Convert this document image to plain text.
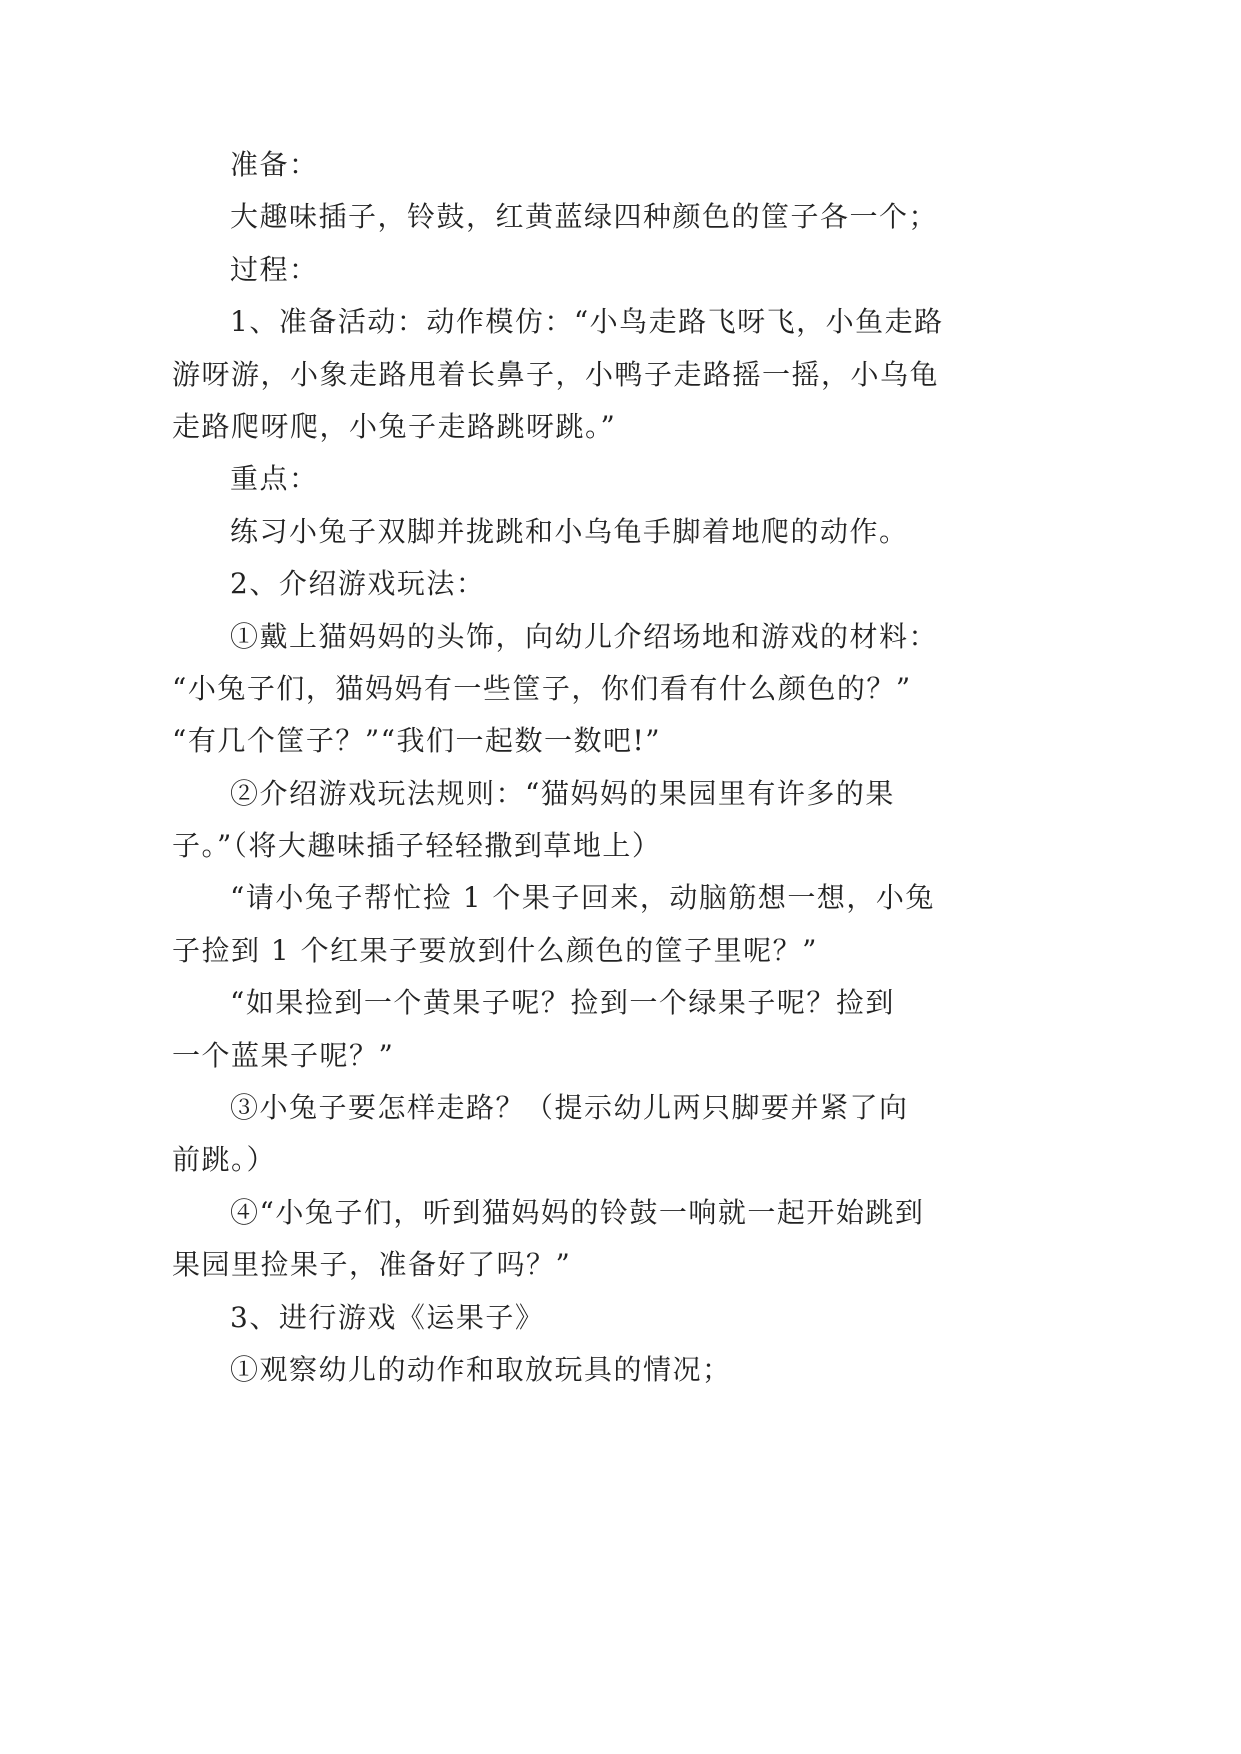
准备：
大趣味插子，铃鼓，红黄蓝绿四种颜色的筐子各一个；
过程：
1、准备活动：动作模仿：“小鸟走路飞呀飞，小鱼走路
游呀游，小象走路甩着长鼻子，小鸭子走路摇一摇，小乌龟
走路爬呀爬，小兔子走路跳呀跳。”
重点：
练习小兔子双脚并拢跳和小乌龟手脚着地爬的动作。
2、介绍游戏玩法：
①戴上猫妈妈的头饰，向幼儿介绍场地和游戏的材料：
“小兔子们，猫妈妈有一些筐子，你们看有什么颜色的？”
“有几个筐子？”“我们一起数一数吧!”
②介绍游戏玩法规则：“猫妈妈的果园里有许多的果
子。”（将大趣味插子轻轻撒到草地上）
“请小兔子帮忙捡 1 个果子回来，动脑筋想一想，小兔
子捡到 1 个红果子要放到什么颜色的筐子里呢？”
“如果捡到一个黄果子呢？捡到一个绿果子呢？捡到
一个蓝果子呢？”
③小兔子要怎样走路？（提示幼儿两只脚要并紧了向
前跳。）
④“小兔子们，听到猫妈妈的铃鼓一响就一起开始跳到
果园里捡果子，准备好了吗？”
3、进行游戏《运果子》
①观察幼儿的动作和取放玩具的情况；
